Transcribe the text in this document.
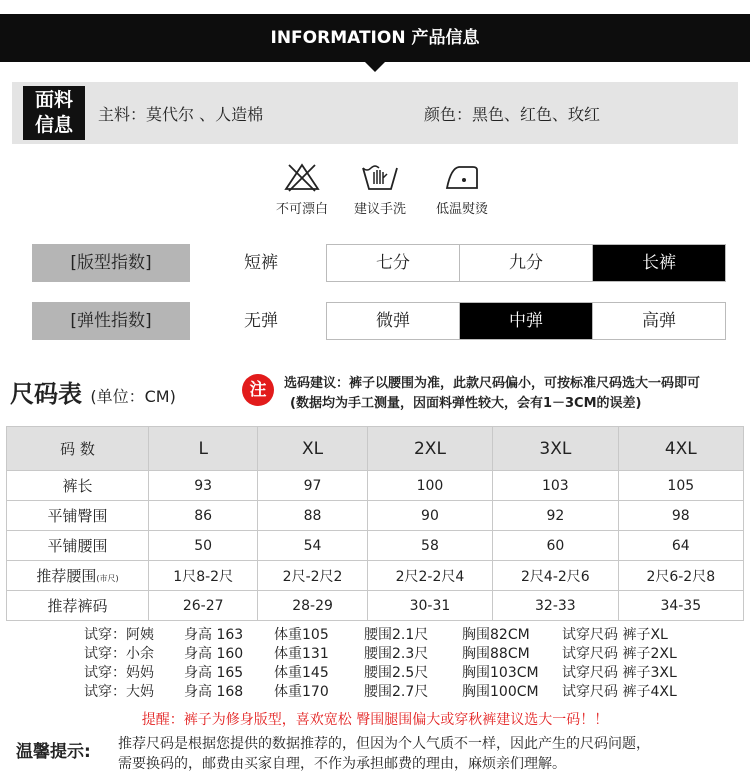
INFORMATION 产品信息
面料
信息	主料：莫代尔 、人造棉	颜色：黑色、红色、玫红
不可漂白	建议手洗	低温熨烫
[版型指数]	短裤	七分	九分	长裤
[弹性指数]	无弹	微弹	中弹	高弹
尺码表 (单位：CM)	注	选码建议：裤子以腰围为准，此款尺码偏小，可按标准尺码选大一码即可
(数据均为手工测量，因面料弹性较大，会有1－3CM的误差)
码 数	L	XL	2XL	3XL	4XL
裤长	93	97	100	103	105
平铺臀围	86	88	90	92	98
平铺腰围	50	54	58	60	64
推荐腰围(市尺)	1尺8-2尺	2尺-2尺2	2尺2-2尺4	2尺4-2尺6	2尺6-2尺8
推荐裤码	26-27	28-29	30-31	32-33	34-35
试穿：阿姨	身高 163	体重105	腰围2.1尺	胸围82CM	试穿尺码 裤子XL
试穿：小余	身高 160	体重131	腰围2.3尺	胸围88CM	试穿尺码 裤子2XL
试穿：妈妈	身高 165	体重145	腰围2.5尺	胸围103CM	试穿尺码 裤子3XL
试穿：大妈	身高 168	体重170	腰围2.7尺	胸围100CM	试穿尺码 裤子4XL
提醒：裤子为修身版型，喜欢宽松 臀围腿围偏大或穿秋裤建议选大一码！！
温馨提示: 推荐尺码是根据您提供的数据推荐的，但因为个人气质不一样，因此产生的尺码问题，
需要换码的，邮费由买家自理，不作为承担邮费的理由，麻烦亲们理解。
